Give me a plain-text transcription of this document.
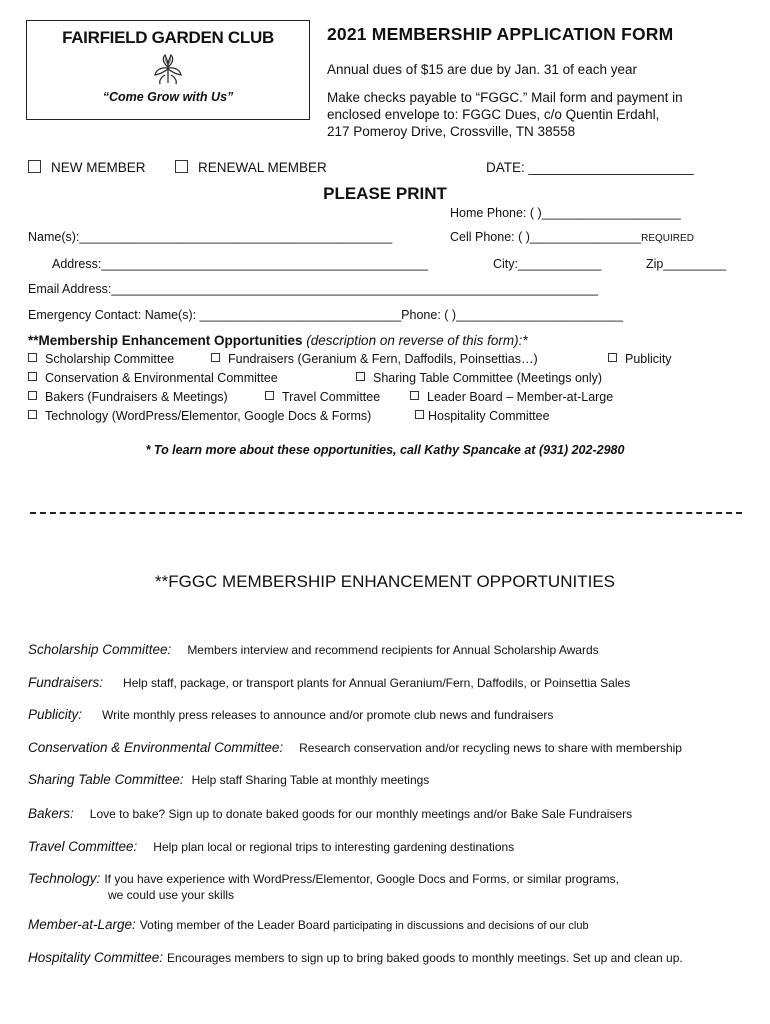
FAIRFIELD GARDEN CLUB
“Come Grow with Us”
2021 MEMBERSHIP APPLICATION FORM
Annual dues of $15 are due by Jan. 31 of each year
Make checks payable to “FGGC.” Mail form and payment in
enclosed envelope to: FGGC Dues, c/o Quentin Erdahl,
217 Pomeroy Drive, Crossville, TN 38558
NEW MEMBER	RENEWAL MEMBER	DATE: ______________________
PLEASE PRINT
Home Phone: ( )____________________
Name(s):_____________________________________________	Cell Phone: ( )________________REQUIRED
Address:_______________________________________________	City:____________	Zip_________
Email Address:______________________________________________________________________
Emergency Contact: Name(s): _____________________________Phone: ( )________________________
**Membership Enhancement Opportunities (description on reverse of this form):*
Scholarship Committee	Fundraisers (Geranium & Fern, Daffodils, Poinsettias…)	Publicity
Conservation & Environmental Committee	Sharing Table Committee (Meetings only)
Bakers (Fundraisers & Meetings)	Travel Committee	Leader Board – Member-at-Large
Technology (WordPress/Elementor, Google Docs & Forms)	Hospitality Committee
* To learn more about these opportunities, call Kathy Spancake at (931) 202-2980
**FGGC MEMBERSHIP ENHANCEMENT OPPORTUNITIES
Scholarship Committee: Members interview and recommend recipients for Annual Scholarship Awards
Fundraisers: Help staff, package, or transport plants for Annual Geranium/Fern, Daffodils, or Poinsettia Sales
Publicity: Write monthly press releases to announce and/or promote club news and fundraisers
Conservation & Environmental Committee: Research conservation and/or recycling news to share with membership
Sharing Table Committee: Help staff Sharing Table at monthly meetings
Bakers: Love to bake? Sign up to donate baked goods for our monthly meetings and/or Bake Sale Fundraisers
Travel Committee: Help plan local or regional trips to interesting gardening destinations
Technology: If you have experience with WordPress/Elementor, Google Docs and Forms, or similar programs,
we could use your skills
Member-at-Large: Voting member of the Leader Board participating in discussions and decisions of our club
Hospitality Committee: Encourages members to sign up to bring baked goods to monthly meetings. Set up and clean up.
